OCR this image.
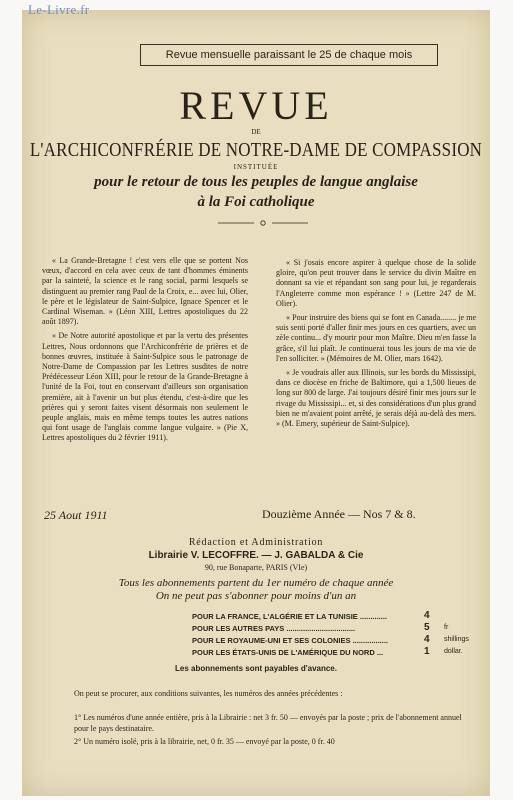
Le-Livre.fr
Revue mensuelle paraissant le 25 de chaque mois
REVUE
DE
L'ARCHICONFRÉRIE DE NOTRE-DAME DE COMPASSION
INSTITUÉE
pour le retour de tous les peuples de langue anglaise
à la Foi catholique

« La Grande-Bretagne ! c'est vers elle que se portent Nos vœux, d'accord en cela avec ceux de tant d'hommes éminents par la sainteté, la science et le rang social, parmi lesquels se distinguent au premier rang Paul de la Croix, e... avec lui, Olier, le père et le législateur de Saint-Sulpice, Ignace Spencer et le Cardinal Wiseman. » (Léon XIII, Lettres apostoliques du 22 août 1897).

« De Notre autorité apostolique et par la vertu des présentes Lettres, Nous ordonnons que l'Archiconfrérie de prières et de bonnes œuvres, instituée à Saint-Sulpice sous le patronage de Notre-Dame de Compassion par les Lettres susdites de notre Prédécesseur Léon XIII, pour le retour de la Grande-Bretagne à l'unité de la Foi, tout en conservant d'ailleurs son organisation première, ait à l'avenir un but plus étendu, c'est-à-dire que les prières qui y seront faites visent désormais non seulement le peuple anglais, mais en même temps toutes les autres nations qui font usage de l'anglais comme langue vulgaire. » (Pie X, Lettres apostoliques du 2 février 1911).

« Si j'osais encore aspirer à quelque chose de la solide gloire, qu'on peut trouver dans le service du divin Maître en donnant sa vie et répandant son sang pour lui, je regarderais l'Angleterre comme mon espérance ! » (Lettre 247 de M. Olier).

« Pour instruire des biens qui se font en Canada........ je me suis senti porté d'aller finir mes jours en ces quartiers, avec un zèle continu... d'y mourir pour mon Maître. Dieu m'en fasse la grâce, s'il lui plaît. Je continuerai tous les jours de ma vie de l'en solliciter. » (Mémoires de M. Olier, mars 1642).

« Je voudrais aller aux Illinois, sur les bords du Mississipi, dans ce diocèse en friche de Baltimore, qui a 1,500 lieues de long sur 800 de large. J'ai toujours désiré finir mes jours sur le rivage du Mississipi... et, si des considérations d'un plus grand bien ne m'avaient point arrêté, je serais déjà au-delà des mers. » (M. Emery, supérieur de Saint-Sulpice).

25 Aout 1911	Douzième Année — Nos 7 & 8.
Rédaction et Administration
Librairie V. LECOFFRE. — J. GABALDA & Cie
90, rue Bonaparte, PARIS (VIe)
Tous les abonnements partent du 1er numéro de chaque année
On ne peut pas s'abonner pour moins d'un an
POUR LA FRANCE, L'ALGÉRIE ET LA TUNISIE .............	4
POUR LES AUTRES PAYS .................................	5 fr
POUR LE ROYAUME-UNI ET SES COLONIES .................	4 shillings
POUR LES ÉTATS-UNIS DE L'AMÉRIQUE DU NORD ...	1 dollar.
Les abonnements sont payables d'avance.
On peut se procurer, aux conditions suivantes, les numéros des années précédentes :
1° Les numéros d'une année entière, pris à la Librairie : net 3 fr. 50 — envoyés par la poste ; prix de l'abonnement annuel pour le pays destinataire.
2° Un numéro isolé, pris à la librairie, net, 0 fr. 35 — envoyé par la poste, 0 fr. 40
